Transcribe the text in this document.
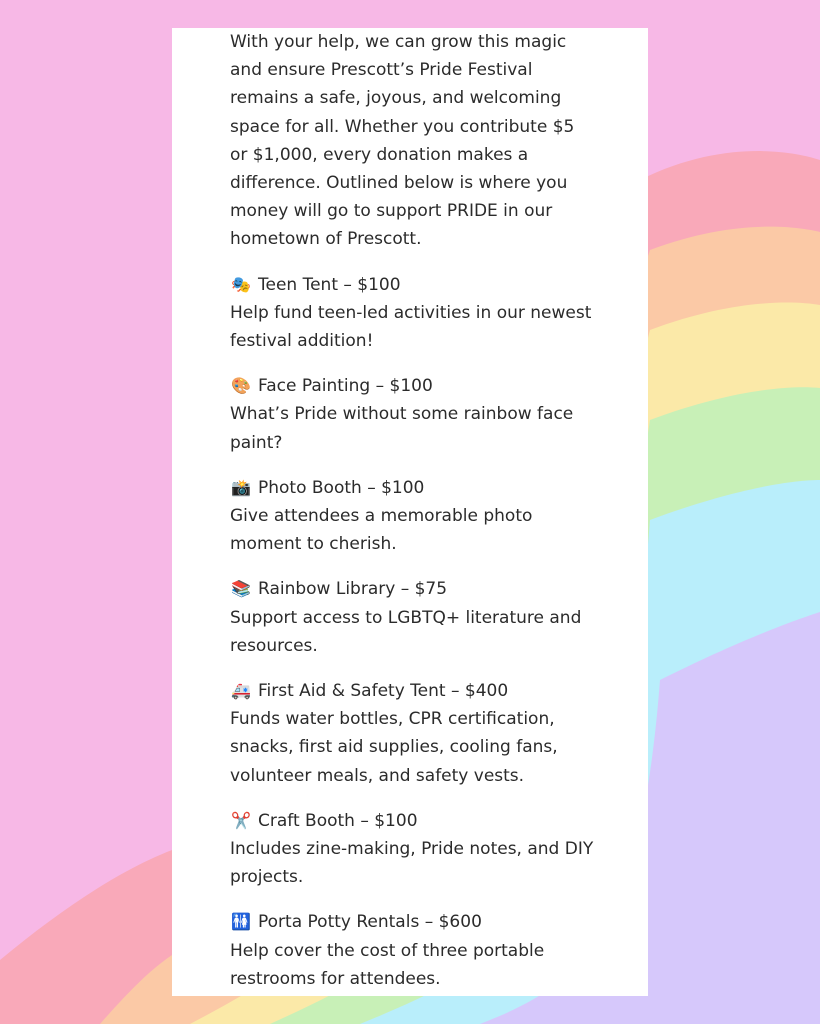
With your help, we can grow this magic and ensure Prescott’s Pride Festival remains a safe, joyous, and welcoming space for all. Whether you contribute $5 or $1,000, every donation makes a difference. Outlined below is where you money will go to support PRIDE in our hometown of Prescott.

🎭 Teen Tent – $100
Help fund teen-led activities in our newest festival addition!
🎨 Face Painting – $100
What’s Pride without some rainbow face paint?
📸 Photo Booth – $100
Give attendees a memorable photo moment to cherish.
📚 Rainbow Library – $75
Support access to LGBTQ+ literature and resources.
🚑 First Aid & Safety Tent – $400
Funds water bottles, CPR certification, snacks, first aid supplies, cooling fans, volunteer meals, and safety vests.
✂️ Craft Booth – $100
Includes zine-making, Pride notes, and DIY projects.
🚻 Porta Potty Rentals – $600
Help cover the cost of three portable restrooms for attendees.
